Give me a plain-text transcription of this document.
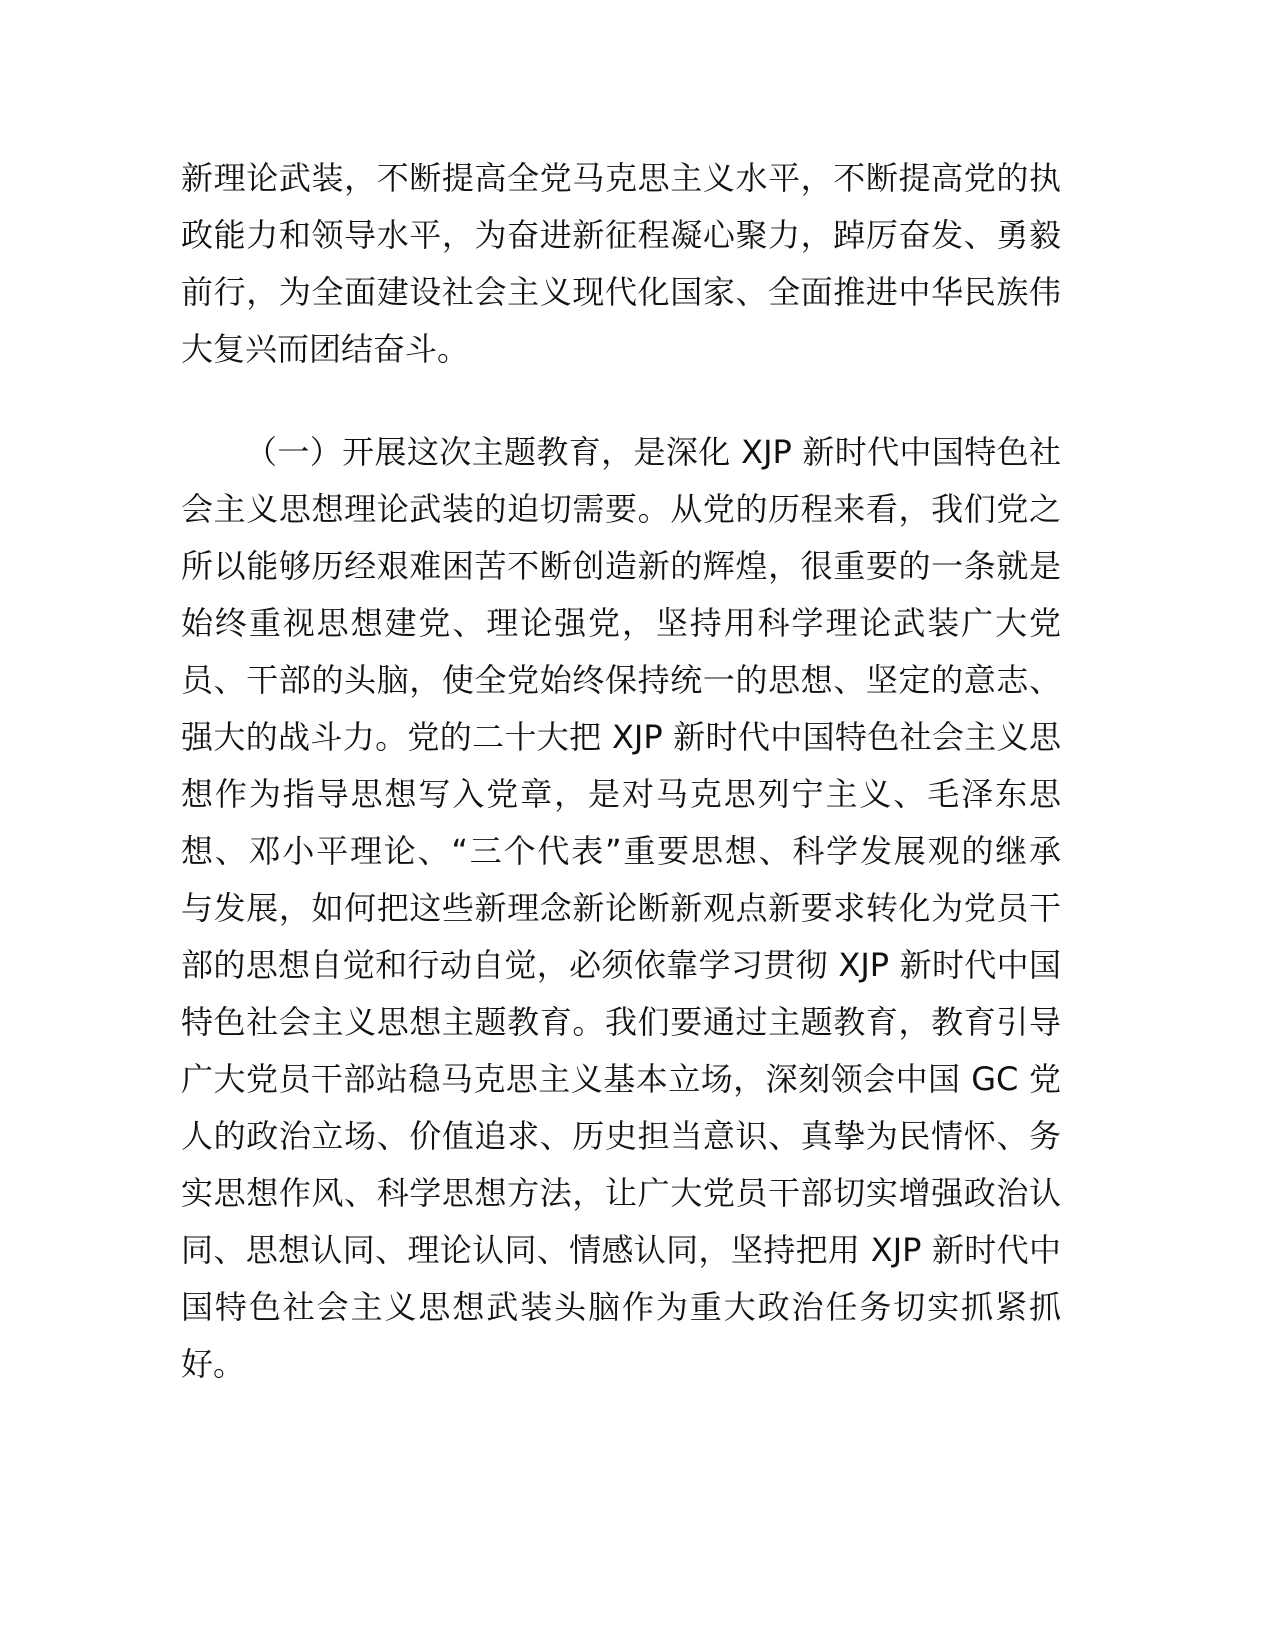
新理论武装，不断提高全党马克思主义水平，不断提高党的执
政能力和领导水平，为奋进新征程凝心聚力，踔厉奋发、勇毅
前行，为全面建设社会主义现代化国家、全面推进中华民族伟
大复兴而团结奋斗。
（一）开展这次主题教育，是深化 XJP 新时代中国特色社
会主义思想理论武装的迫切需要。从党的历程来看，我们党之
所以能够历经艰难困苦不断创造新的辉煌，很重要的一条就是
始终重视思想建党、理论强党，坚持用科学理论武装广大党
员、干部的头脑，使全党始终保持统一的思想、坚定的意志、
强大的战斗力。党的二十大把 XJP 新时代中国特色社会主义思
想作为指导思想写入党章，是对马克思列宁主义、毛泽东思
想、邓小平理论、“三个代表”重要思想、科学发展观的继承
与发展，如何把这些新理念新论断新观点新要求转化为党员干
部的思想自觉和行动自觉，必须依靠学习贯彻 XJP 新时代中国
特色社会主义思想主题教育。我们要通过主题教育，教育引导
广大党员干部站稳马克思主义基本立场，深刻领会中国 GC 党
人的政治立场、价值追求、历史担当意识、真挚为民情怀、务
实思想作风、科学思想方法，让广大党员干部切实增强政治认
同、思想认同、理论认同、情感认同，坚持把用 XJP 新时代中
国特色社会主义思想武装头脑作为重大政治任务切实抓紧抓
好。
